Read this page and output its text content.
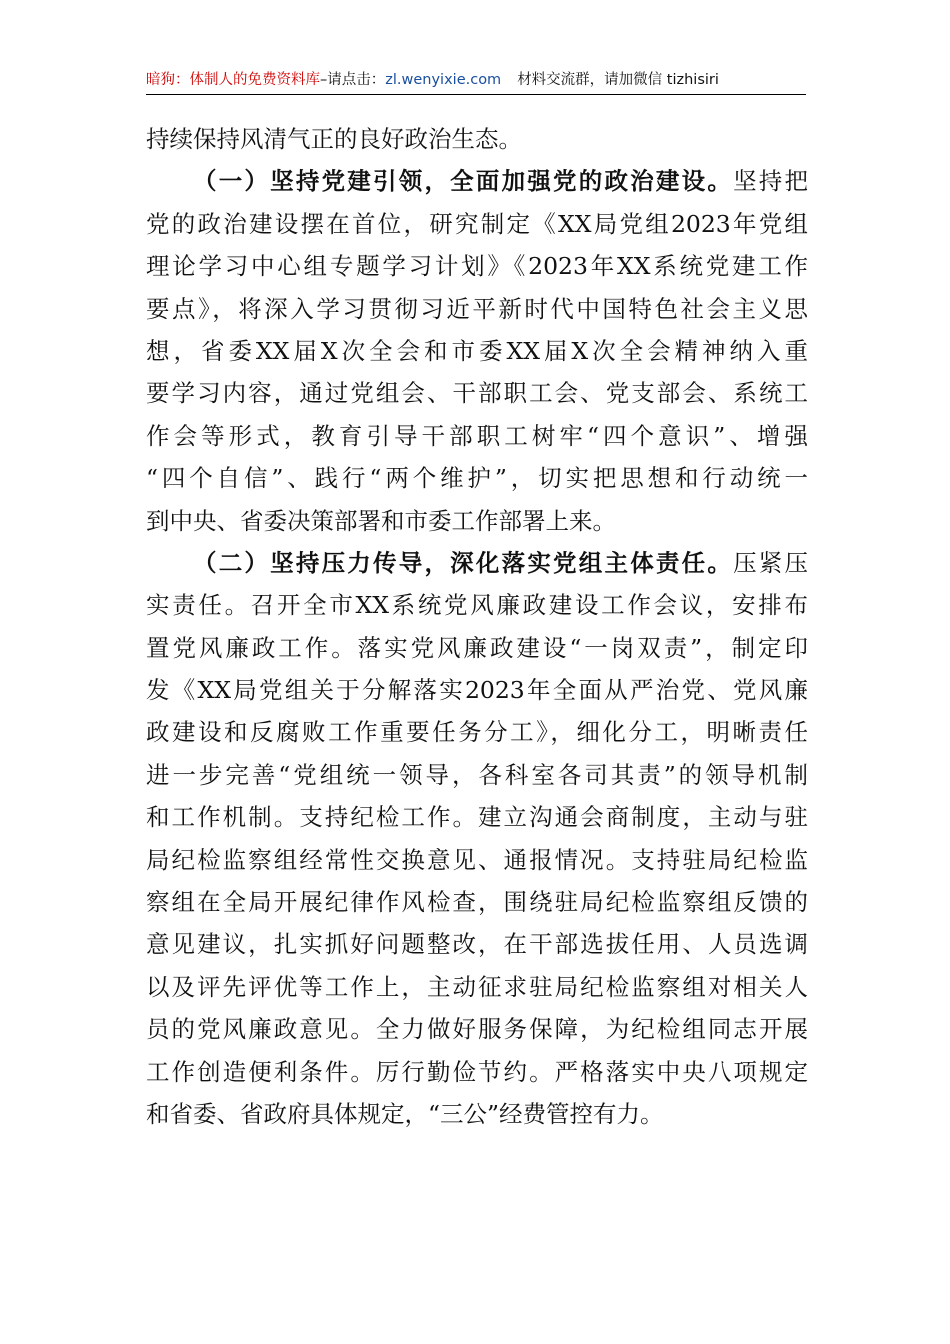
暗狗：体制人的免费资料库–请点击：zl.wenyixie.com 材料交流群，请加微信 tizhisiri
持续保持风清气正的良好政治生态。
（一）坚持党建引领，全面加强党的政治建设。坚持把
党的政治建设摆在首位，研究制定《XX局党组2023年党组
理论学习中心组专题学习计划》《2023年XX系统党建工作
要点》，将深入学习贯彻习近平新时代中国特色社会主义思
想，省委XX届X次全会和市委XX届X次全会精神纳入重
要学习内容，通过党组会、干部职工会、党支部会、系统工
作会等形式，教育引导干部职工树牢“四个意识”、增强
“四个自信”、践行“两个维护”，切实把思想和行动统一
到中央、省委决策部署和市委工作部署上来。
（二）坚持压力传导，深化落实党组主体责任。压紧压
实责任。召开全市XX系统党风廉政建设工作会议，安排布
置党风廉政工作。落实党风廉政建设“一岗双责”，制定印
发《XX局党组关于分解落实2023年全面从严治党、党风廉
政建设和反腐败工作重要任务分工》，细化分工，明晰责任
进一步完善“党组统一领导，各科室各司其责”的领导机制
和工作机制。支持纪检工作。建立沟通会商制度，主动与驻
局纪检监察组经常性交换意见、通报情况。支持驻局纪检监
察组在全局开展纪律作风检查，围绕驻局纪检监察组反馈的
意见建议，扎实抓好问题整改，在干部选拔任用、人员选调
以及评先评优等工作上，主动征求驻局纪检监察组对相关人
员的党风廉政意见。全力做好服务保障，为纪检组同志开展
工作创造便利条件。厉行勤俭节约。严格落实中央八项规定
和省委、省政府具体规定，“三公”经费管控有力。
